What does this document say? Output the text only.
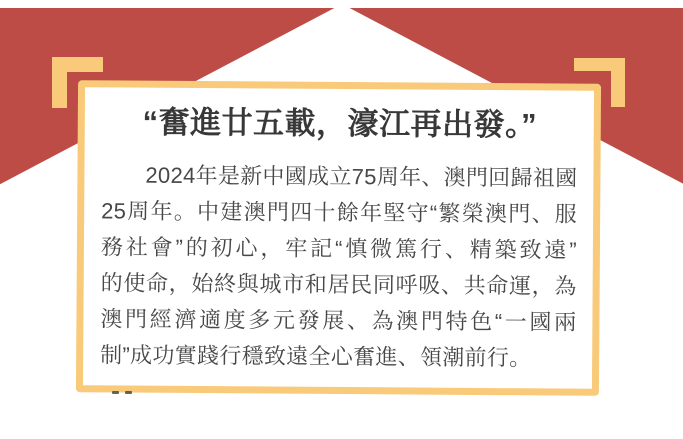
“奮進廿五載，濠江再出發。”
2024年是新中國成立75周年、澳門回歸祖國
25周年。中建澳門四十餘年堅守“繁榮澳門、服
務社會”的初心，牢記“慎微篤行、精築致遠”
的使命，始終與城市和居民同呼吸、共命運，為
澳門經濟適度多元發展、為澳門特色“一國兩
制”成功實踐行穩致遠全心奮進、領潮前行。
